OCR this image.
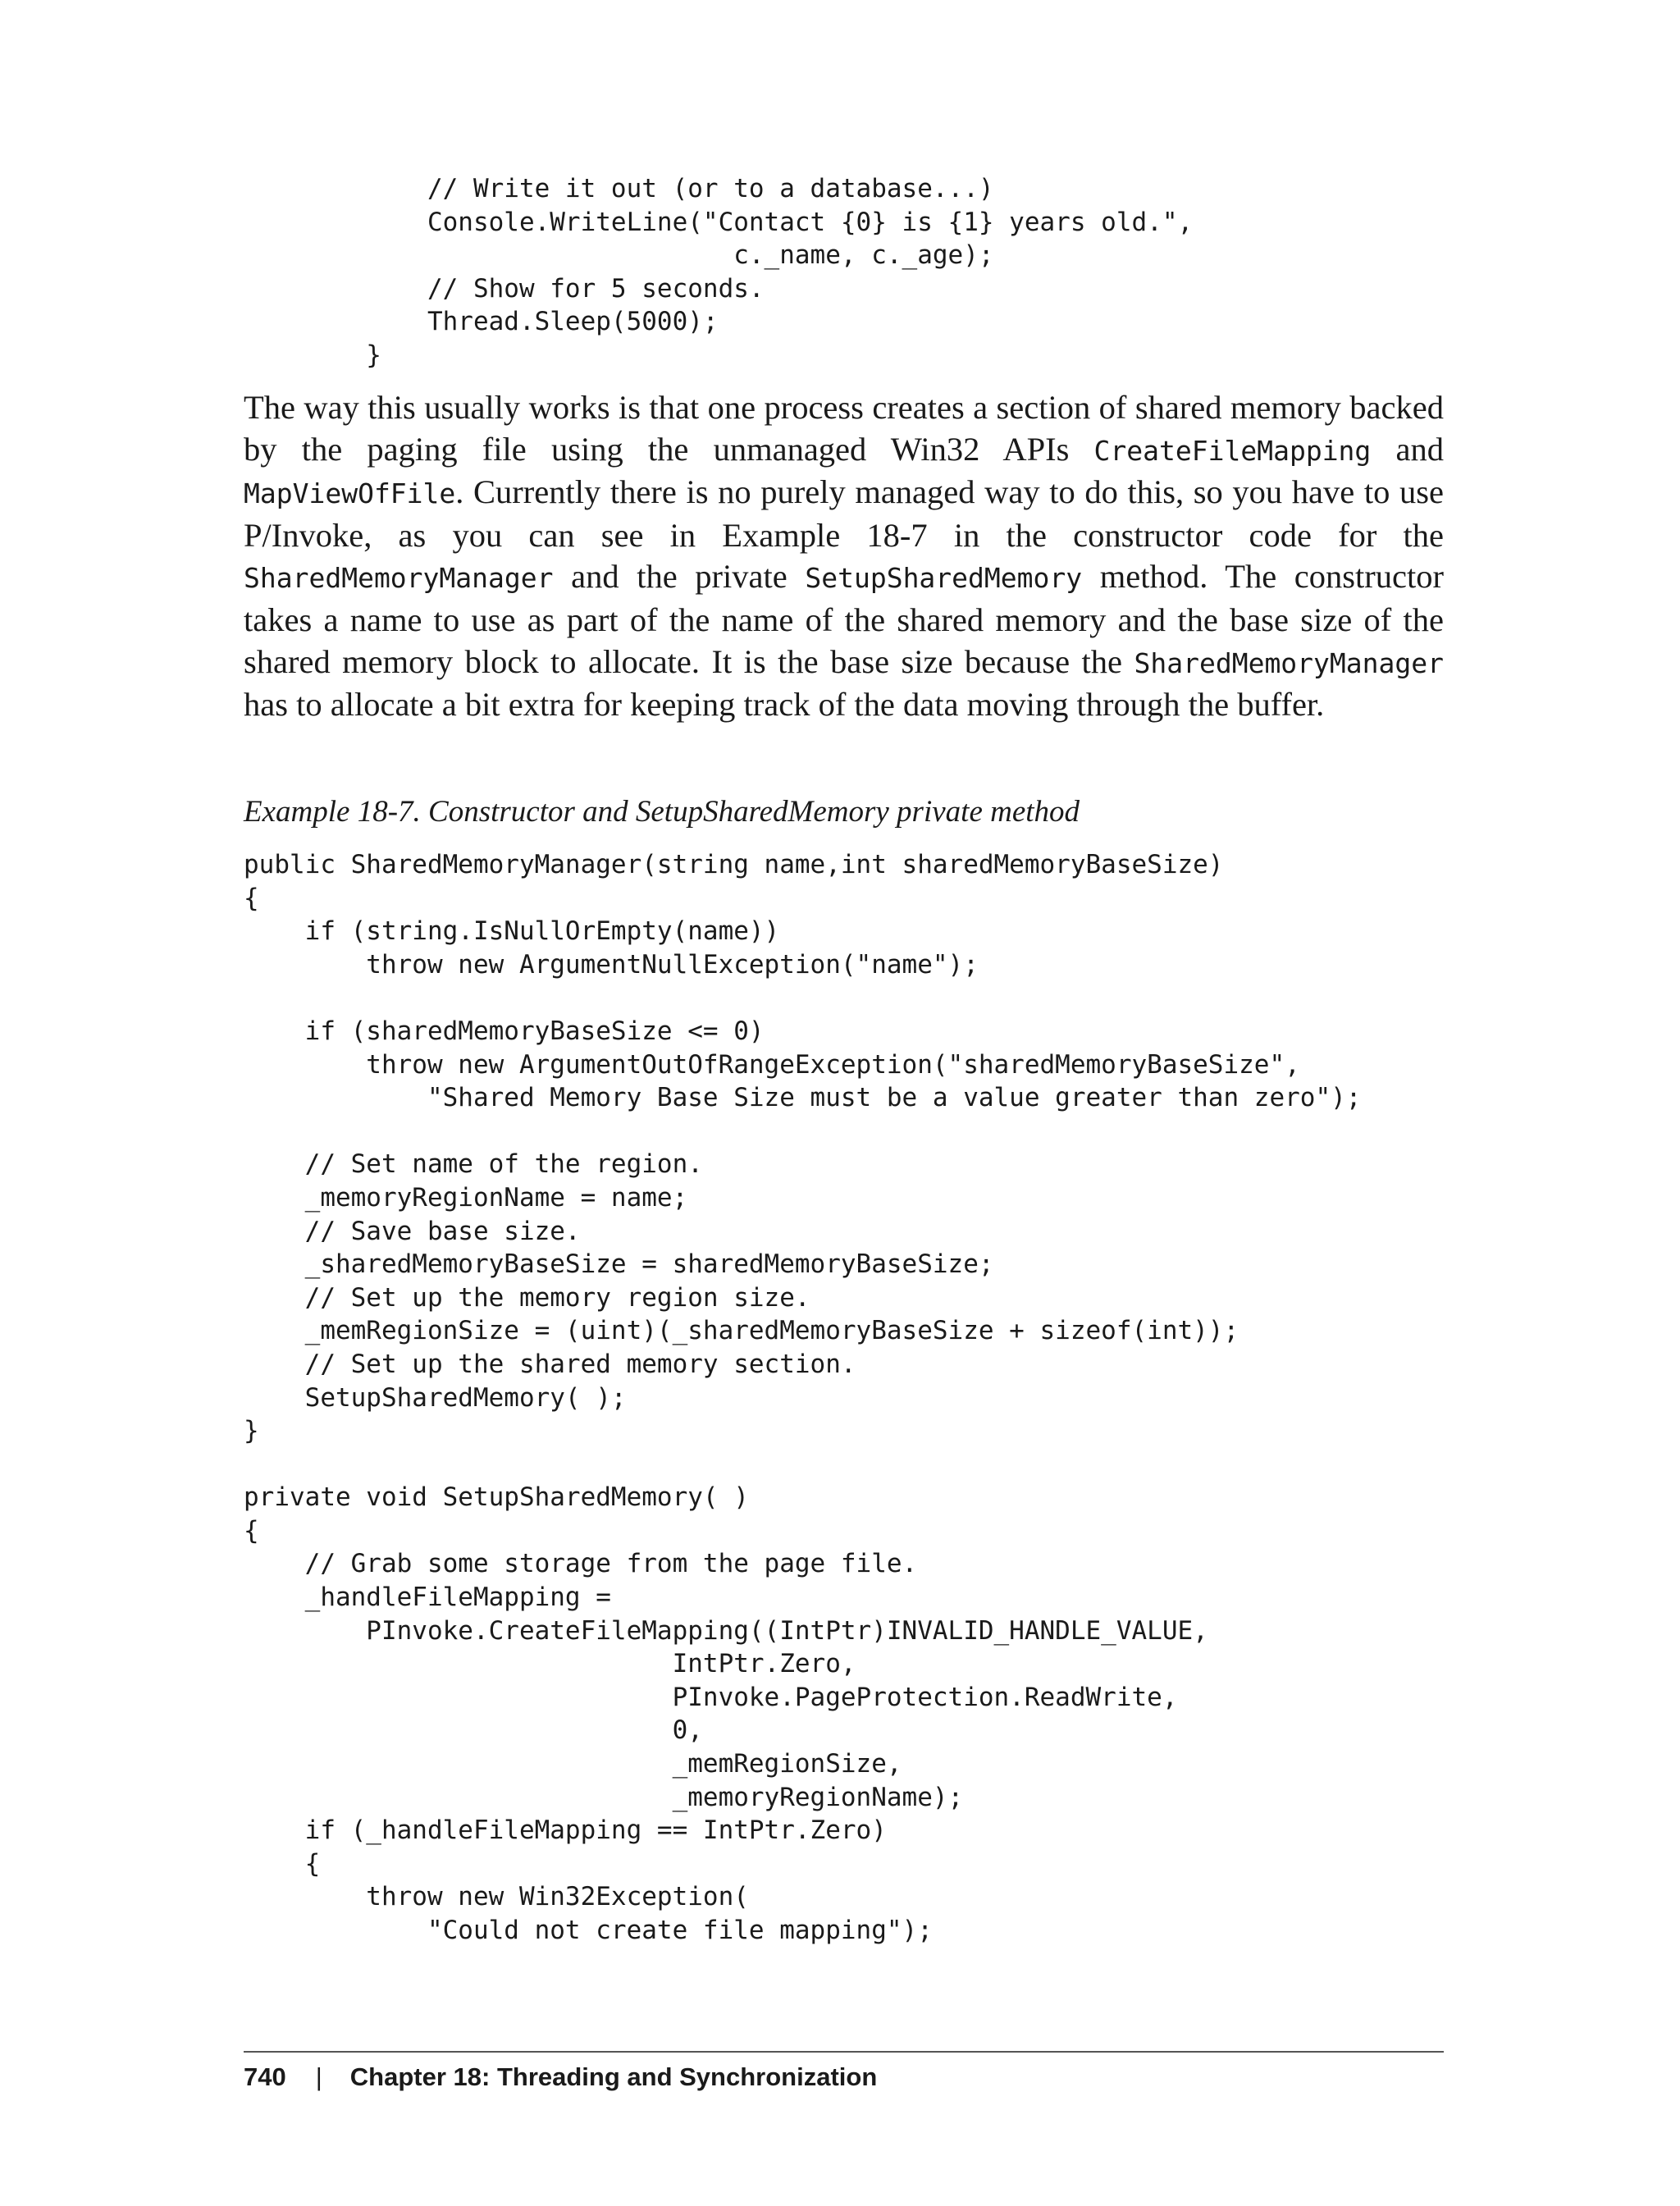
// Write it out (or to a database...)
Console.WriteLine("Contact {0} is {1} years old.",
c._name, c._age);
// Show for 5 seconds.
Thread.Sleep(5000);
}

The way this usually works is that one process creates a section of shared memory backed by the paging file using the unmanaged Win32 APIs CreateFileMapping and MapViewOfFile. Currently there is no purely managed way to do this, so you have to use P/Invoke, as you can see in Example 18-7 in the constructor code for the SharedMemoryManager and the private SetupSharedMemory method. The constructor takes a name to use as part of the name of the shared memory and the base size of the shared memory block to allocate. It is the base size because the SharedMemoryManager has to allocate a bit extra for keeping track of the data moving through the buffer.

Example 18-7. Constructor and SetupSharedMemory private method

public SharedMemoryManager(string name,int sharedMemoryBaseSize)
{
if (string.IsNullOrEmpty(name))
throw new ArgumentNullException("name");

if (sharedMemoryBaseSize <= 0)
throw new ArgumentOutOfRangeException("sharedMemoryBaseSize",
"Shared Memory Base Size must be a value greater than zero");

// Set name of the region.
_memoryRegionName = name;
// Save base size.
_sharedMemoryBaseSize = sharedMemoryBaseSize;
// Set up the memory region size.
_memRegionSize = (uint)(_sharedMemoryBaseSize + sizeof(int));
// Set up the shared memory section.
SetupSharedMemory( );
}

private void SetupSharedMemory( )
{
// Grab some storage from the page file.
_handleFileMapping =
PInvoke.CreateFileMapping((IntPtr)INVALID_HANDLE_VALUE,
IntPtr.Zero,
PInvoke.PageProtection.ReadWrite,
0,
_memRegionSize,
_memoryRegionName);
if (_handleFileMapping == IntPtr.Zero)
{
throw new Win32Exception(
"Could not create file mapping");
740 | Chapter 18: Threading and Synchronization
